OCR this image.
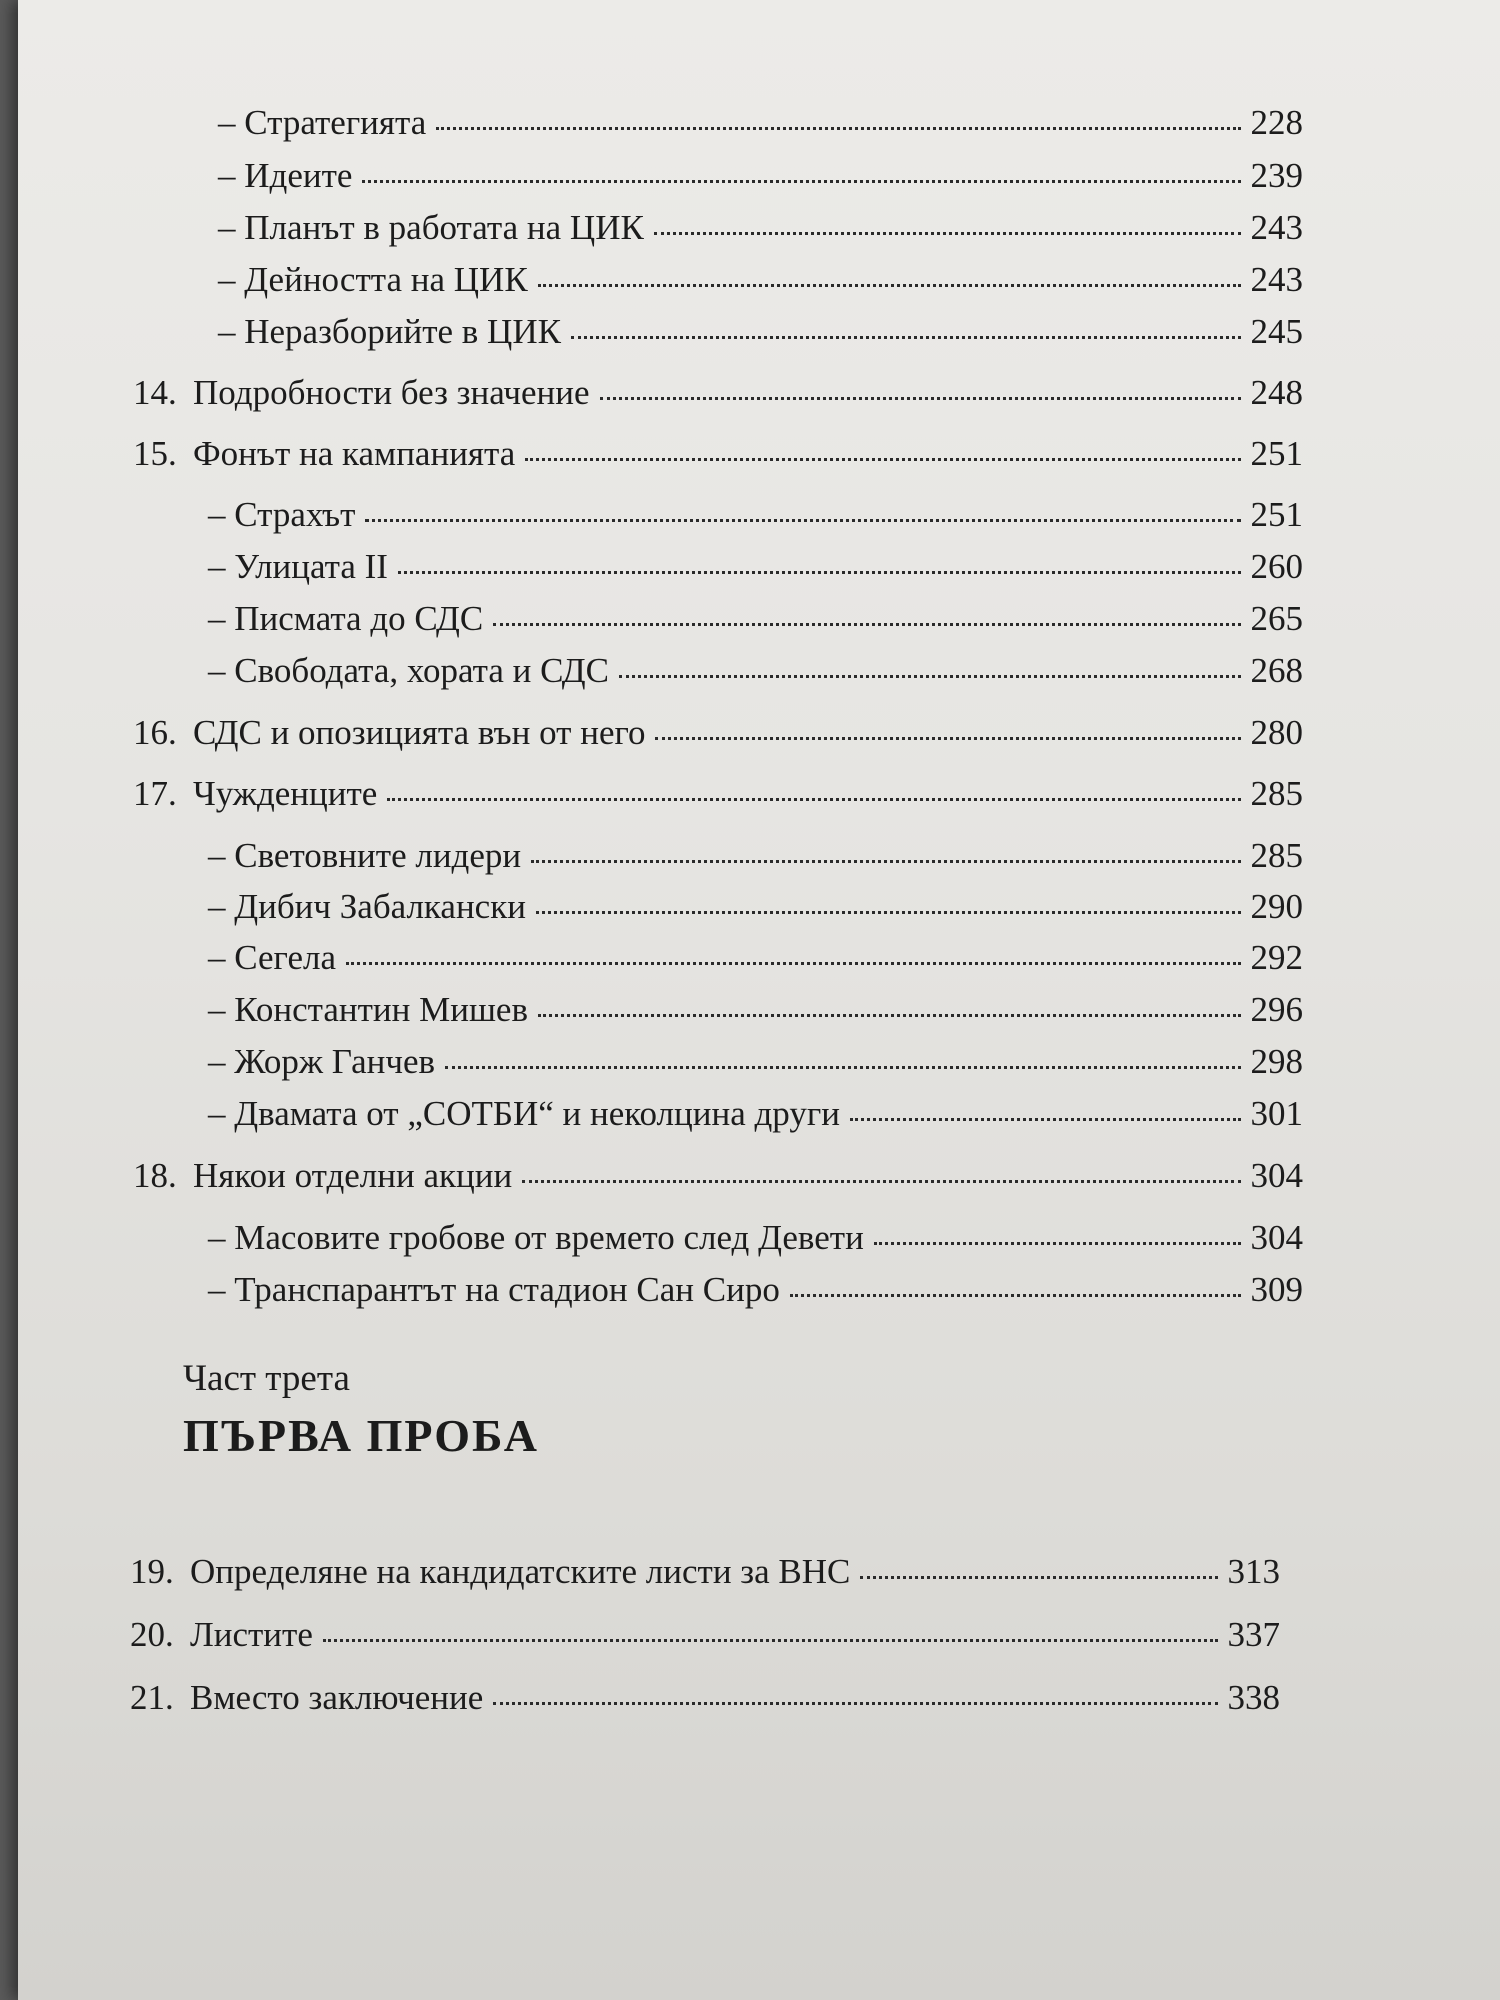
– Стратегията	228
– Идеите	239
– Планът в работата на ЦИК	243
– Дейността на ЦИК	243
– Неразборийте в ЦИК	245
14. Подробности без значение	248
15. Фонът на кампанията	251
– Страхът	251
– Улицата II	260
– Писмата до СДС	265
– Свободата, хората и СДС	268
16. СДС и опозицията вън от него	280
17. Чужденците	285
– Световните лидери	285
– Дибич Забалкански	290
– Сегела	292
– Константин Мишев	296
– Жорж Ганчев	298
– Двамата от „СОТБИ“ и неколцина други	301
18. Някои отделни акции	304
– Масовите гробове от времето след Девети	304
– Транспарантът на стадион Сан Сиро	309
Част трета
ПЪРВА ПРОБА
19. Определяне на кандидатските листи за ВНС	313
20. Листите	337
21. Вместо заключение	338
